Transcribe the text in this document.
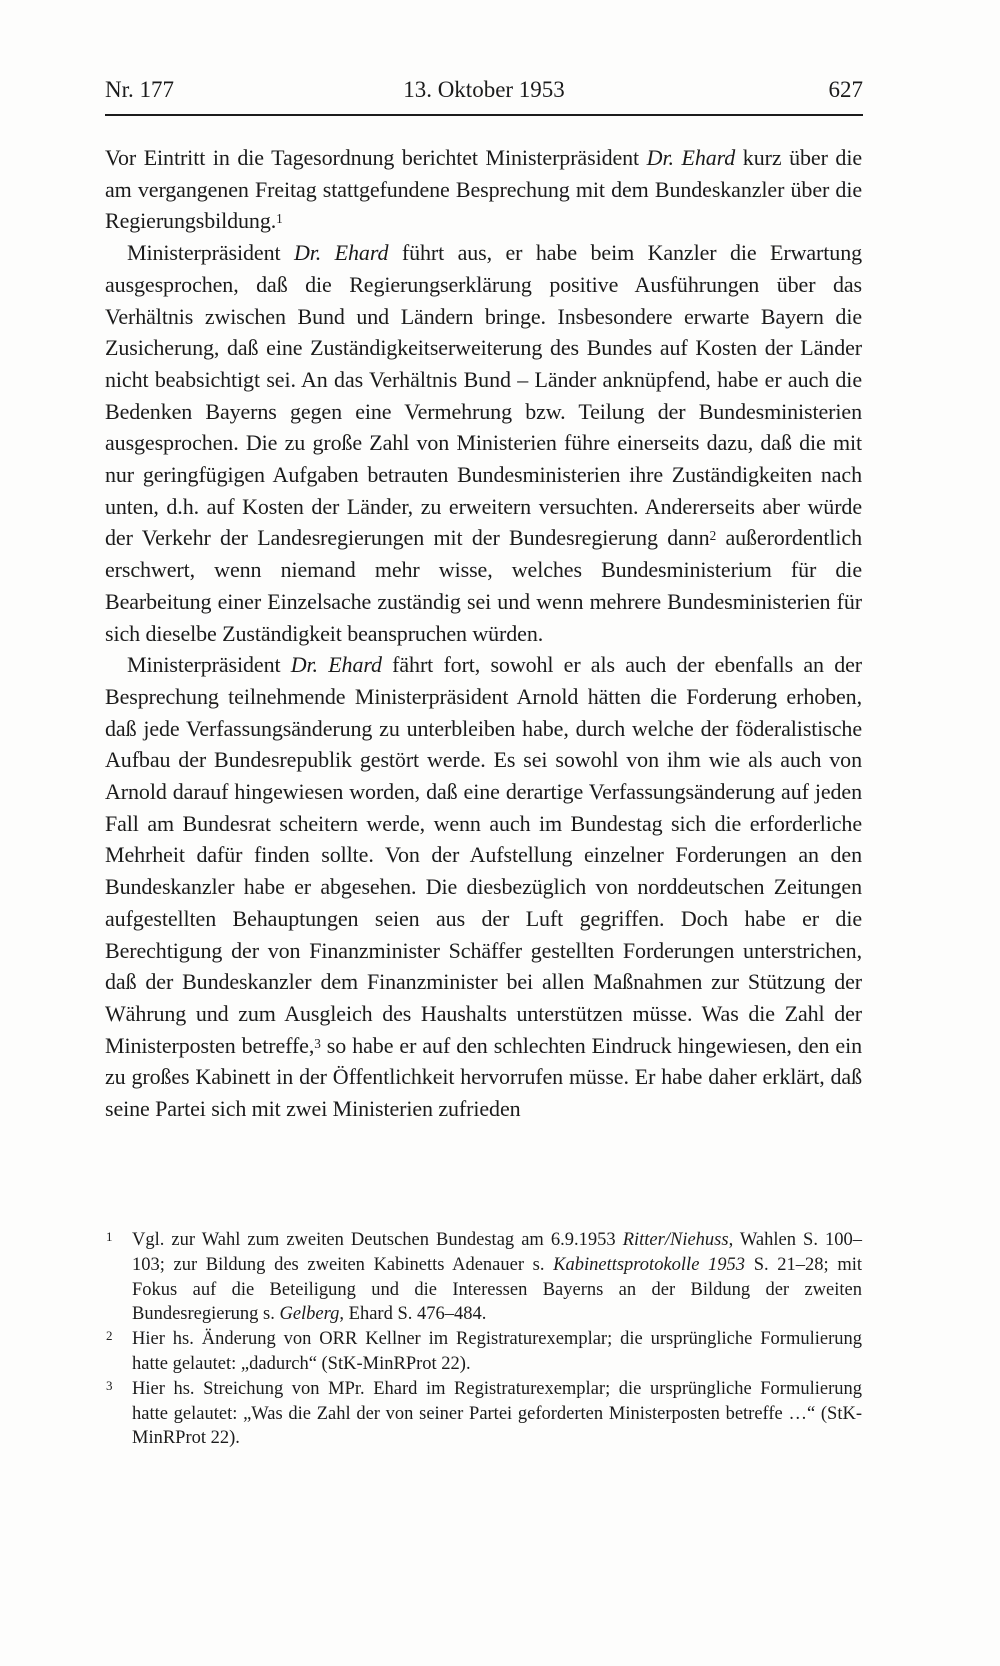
Nr. 177	13. Oktober 1953	627

Vor Eintritt in die Tagesordnung berichtet Ministerpräsident Dr. Ehard kurz über die am vergangenen Freitag stattgefundene Besprechung mit dem Bundeskanzler über die Regierungsbildung.$^1$

Ministerpräsident Dr. Ehard führt aus, er habe beim Kanzler die Erwartung ausgesprochen, daß die Regierungserklärung positive Ausführungen über das Verhältnis zwischen Bund und Ländern bringe. Insbesondere erwarte Bayern die Zusicherung, daß eine Zuständigkeitserweiterung des Bundes auf Kosten der Länder nicht beabsichtigt sei. An das Verhältnis Bund – Länder anknüpfend, habe er auch die Bedenken Bayerns gegen eine Vermehrung bzw. Teilung der Bundesministerien ausgesprochen. Die zu große Zahl von Ministerien führe einerseits dazu, daß die mit nur geringfügigen Aufgaben betrauten Bundesministerien ihre Zuständigkeiten nach unten, d.h. auf Kosten der Länder, zu erweitern versuchten. Andererseits aber würde der Verkehr der Landesregierungen mit der Bundesregierung dann$^2$ außerordentlich erschwert, wenn niemand mehr wisse, welches Bundesministerium für die Bearbeitung einer Einzelsache zuständig sei und wenn mehrere Bundesministerien für sich dieselbe Zuständigkeit beanspruchen würden.

Ministerpräsident Dr. Ehard fährt fort, sowohl er als auch der ebenfalls an der Besprechung teilnehmende Ministerpräsident Arnold hätten die Forderung erhoben, daß jede Verfassungsänderung zu unterbleiben habe, durch welche der föderalistische Aufbau der Bundesrepublik gestört werde. Es sei sowohl von ihm wie als auch von Arnold darauf hingewiesen worden, daß eine derartige Verfassungsänderung auf jeden Fall am Bundesrat scheitern werde, wenn auch im Bundestag sich die erforderliche Mehrheit dafür finden sollte. Von der Aufstellung einzelner Forderungen an den Bundeskanzler habe er abgesehen. Die diesbezüglich von norddeutschen Zeitungen aufgestellten Behauptungen seien aus der Luft gegriffen. Doch habe er die Berechtigung der von Finanzminister Schäffer gestellten Forderungen unterstrichen, daß der Bundeskanzler dem Finanzminister bei allen Maßnahmen zur Stützung der Währung und zum Ausgleich des Haushalts unterstützen müsse. Was die Zahl der Ministerposten betreffe,$^3$ so habe er auf den schlechten Eindruck hingewiesen, den ein zu großes Kabinett in der Öffentlichkeit hervorrufen müsse. Er habe daher erklärt, daß seine Partei sich mit zwei Ministerien zufrieden

1 Vgl. zur Wahl zum zweiten Deutschen Bundestag am 6.9.1953 Ritter/Niehuss, Wahlen S. 100–103; zur Bildung des zweiten Kabinetts Adenauer s. Kabinettsprotokolle 1953 S. 21–28; mit Fokus auf die Beteiligung und die Interessen Bayerns an der Bildung der zweiten Bundesregierung s. Gelberg, Ehard S. 476–484.
2 Hier hs. Änderung von ORR Kellner im Registraturexemplar; die ursprüngliche Formulierung hatte gelautet: „dadurch“ (StK-MinRProt 22).
3 Hier hs. Streichung von MPr. Ehard im Registraturexemplar; die ursprüngliche Formulierung hatte gelautet: „Was die Zahl der von seiner Partei geforderten Ministerposten betreffe …“ (StK-MinRProt 22).
